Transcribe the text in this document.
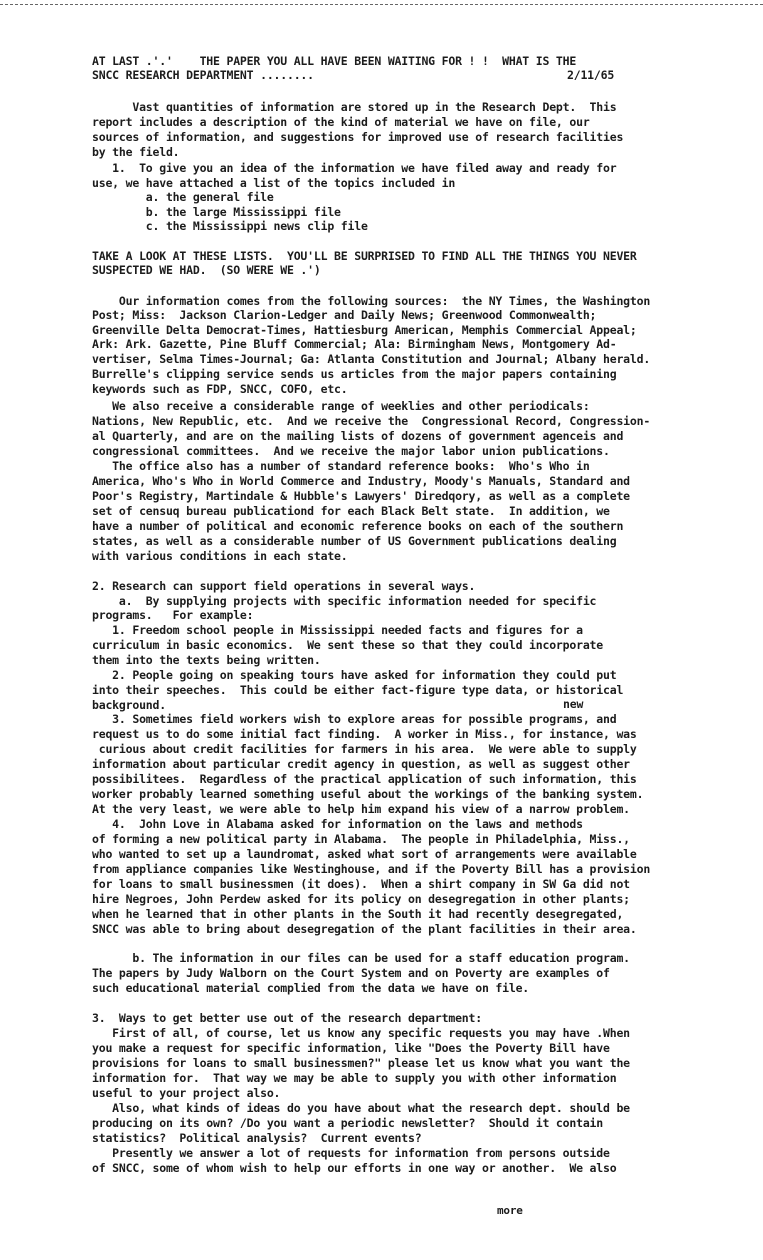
AT LAST .'.'    THE PAPER YOU ALL HAVE BEEN WAITING FOR ! !  WHAT IS THE

SNCC RESEARCH DEPARTMENT ........	2/11/65

Vast quantities of information are stored up in the Research Dept.  This

report includes a description of the kind of material we have on file, our

sources of information, and suggestions for improved use of research facilities

by the field.

1.  To give you an idea of the information we have filed away and ready for

use, we have attached a list of the topics included in

a. the general file

b. the large Mississippi file

c. the Mississippi news clip file

TAKE A LOOK AT THESE LISTS.  YOU'LL BE SURPRISED TO FIND ALL THE THINGS YOU NEVER

SUSPECTED WE HAD.  (SO WERE WE .')

Our information comes from the following sources:  the NY Times, the Washington

Post; Miss:  Jackson Clarion-Ledger and Daily News; Greenwood Commonwealth;

Greenville Delta Democrat-Times, Hattiesburg American, Memphis Commercial Appeal;

Ark: Ark. Gazette, Pine Bluff Commercial; Ala: Birmingham News, Montgomery Ad-

vertiser, Selma Times-Journal; Ga: Atlanta Constitution and Journal; Albany herald.

Burrelle's clipping service sends us articles from the major papers containing

keywords such as FDP, SNCC, COFO, etc.

We also receive a considerable range of weeklies and other periodicals:

Nations, New Republic, etc.  And we receive the  Congressional Record, Congression-

al Quarterly, and are on the mailing lists of dozens of government agenceis and

congressional committees.  And we receive the major labor union publications.

The office also has a number of standard reference books:  Who's Who in

America, Who's Who in World Commerce and Industry, Moody's Manuals, Standard and

Poor's Registry, Martindale & Hubble's Lawyers' Diredqory, as well as a complete

set of censuq bureau publicationd for each Black Belt state.  In addition, we

have a number of political and economic reference books on each of the southern

states, as well as a considerable number of US Government publications dealing

with various conditions in each state.

2. Research can support field operations in several ways.

a.  By supplying projects with specific information needed for specific

programs.   For example:

1. Freedom school people in Mississippi needed facts and figures for a

curriculum in basic economics.  We sent these so that they could incorporate

them into the texts being written.

2. People going on speaking tours have asked for information they could put

into their speeches.  This could be either fact-figure type data, or historical

background.	new

3. Sometimes field workers wish to explore areas for possible programs, and

request us to do some initial fact finding.  A worker in Miss., for instance, was

curious about credit facilities for farmers in his area.  We were able to supply

information about particular credit agency in question, as well as suggest other

possibilitees.  Regardless of the practical application of such information, this

worker probably learned something useful about the workings of the banking system.

At the very least, we were able to help him expand his view of a narrow problem.

4.  John Love in Alabama asked for information on the laws and methods

of forming a new political party in Alabama.  The people in Philadelphia, Miss.,

who wanted to set up a laundromat, asked what sort of arrangements were available

from appliance companies like Westinghouse, and if the Poverty Bill has a provision

for loans to small businessmen (it does).  When a shirt company in SW Ga did not

hire Negroes, John Perdew asked for its policy on desegregation in other plants;

when he learned that in other plants in the South it had recently desegregated,

SNCC was able to bring about desegregation of the plant facilities in their area.

b. The information in our files can be used for a staff education program.

The papers by Judy Walborn on the Court System and on Poverty are examples of

such educational material complied from the data we have on file.

3.  Ways to get better use out of the research department:

First of all, of course, let us know any specific requests you may have .When

you make a request for specific information, like "Does the Poverty Bill have

provisions for loans to small businessmen?" please let us know what you want the

information for.  That way we may be able to supply you with other information

useful to your project also.

Also, what kinds of ideas do you have about what the research dept. should be

producing on its own? /Do you want a periodic newsletter?  Should it contain

statistics?  Political analysis?  Current events?

Presently we answer a lot of requests for information from persons outside

of SNCC, some of whom wish to help our efforts in one way or another.  We also

more
